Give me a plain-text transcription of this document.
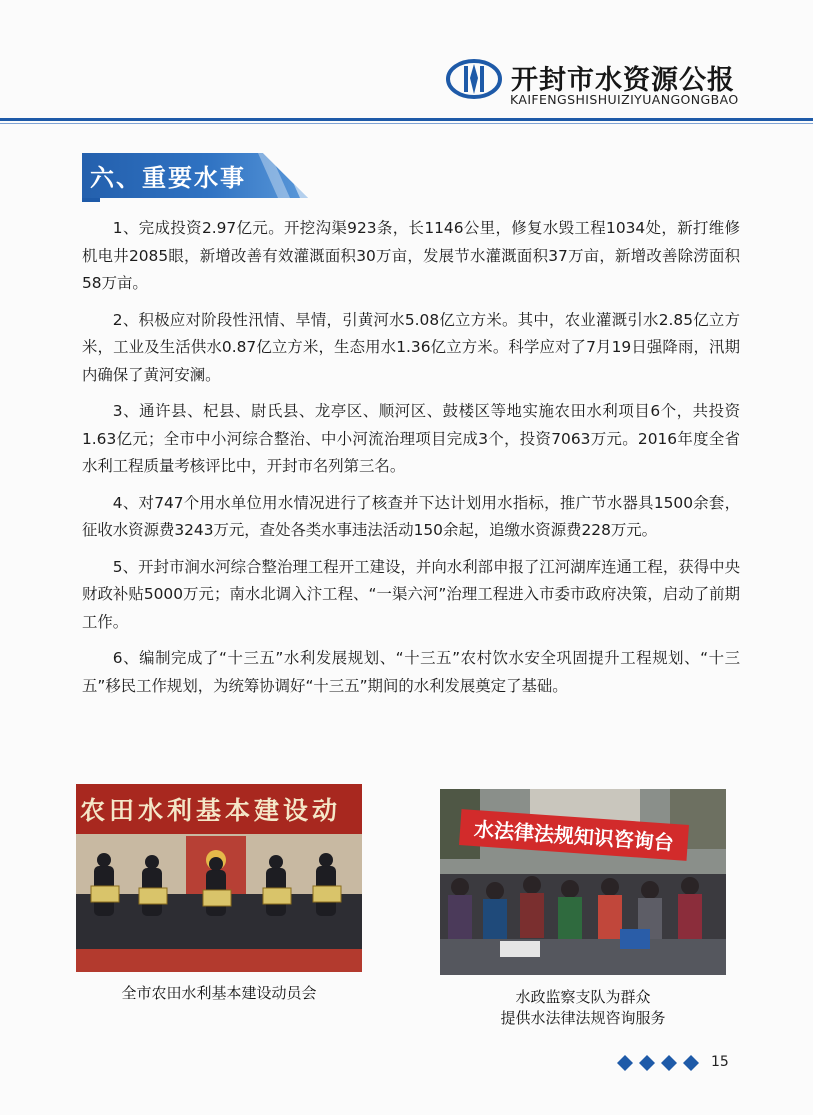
开封市水资源公报
KAIFENGSHISHUIZIYUANGONGBAO
六、重要水事

1、完成投资2.97亿元。开挖沟渠923条，长1146公里，修复水毁工程1034处，新打维修机电井2085眼，新增改善有效灌溉面积30万亩，发展节水灌溉面积37万亩，新增改善除涝面积58万亩。

2、积极应对阶段性汛情、旱情，引黄河水5.08亿立方米。其中，农业灌溉引水2.85亿立方米，工业及生活供水0.87亿立方米，生态用水1.36亿立方米。科学应对了7月19日强降雨，汛期内确保了黄河安澜。

3、通许县、杞县、尉氏县、龙亭区、顺河区、鼓楼区等地实施农田水利项目6个，共投资1.63亿元；全市中小河综合整治、中小河流治理项目完成3个，投资7063万元。2016年度全省水利工程质量考核评比中，开封市名列第三名。

4、对747个用水单位用水情况进行了核查并下达计划用水指标，推广节水器具1500余套，征收水资源费3243万元，查处各类水事违法活动150余起，追缴水资源费228万元。

5、开封市涧水河综合整治理工程开工建设，并向水利部申报了江河湖库连通工程，获得中央财政补贴5000万元；南水北调入汴工程、“一渠六河”治理工程进入市委市政府决策，启动了前期工作。

6、编制完成了“十三五”水利发展规划、“十三五”农村饮水安全巩固提升工程规划、“十三五”移民工作规划，为统筹协调好“十三五”期间的水利发展奠定了基础。

农田水利基本建设动
全市农田水利基本建设动员会
水法律法规知识咨询台
水政监察支队为群众
提供水法律法规咨询服务
15
